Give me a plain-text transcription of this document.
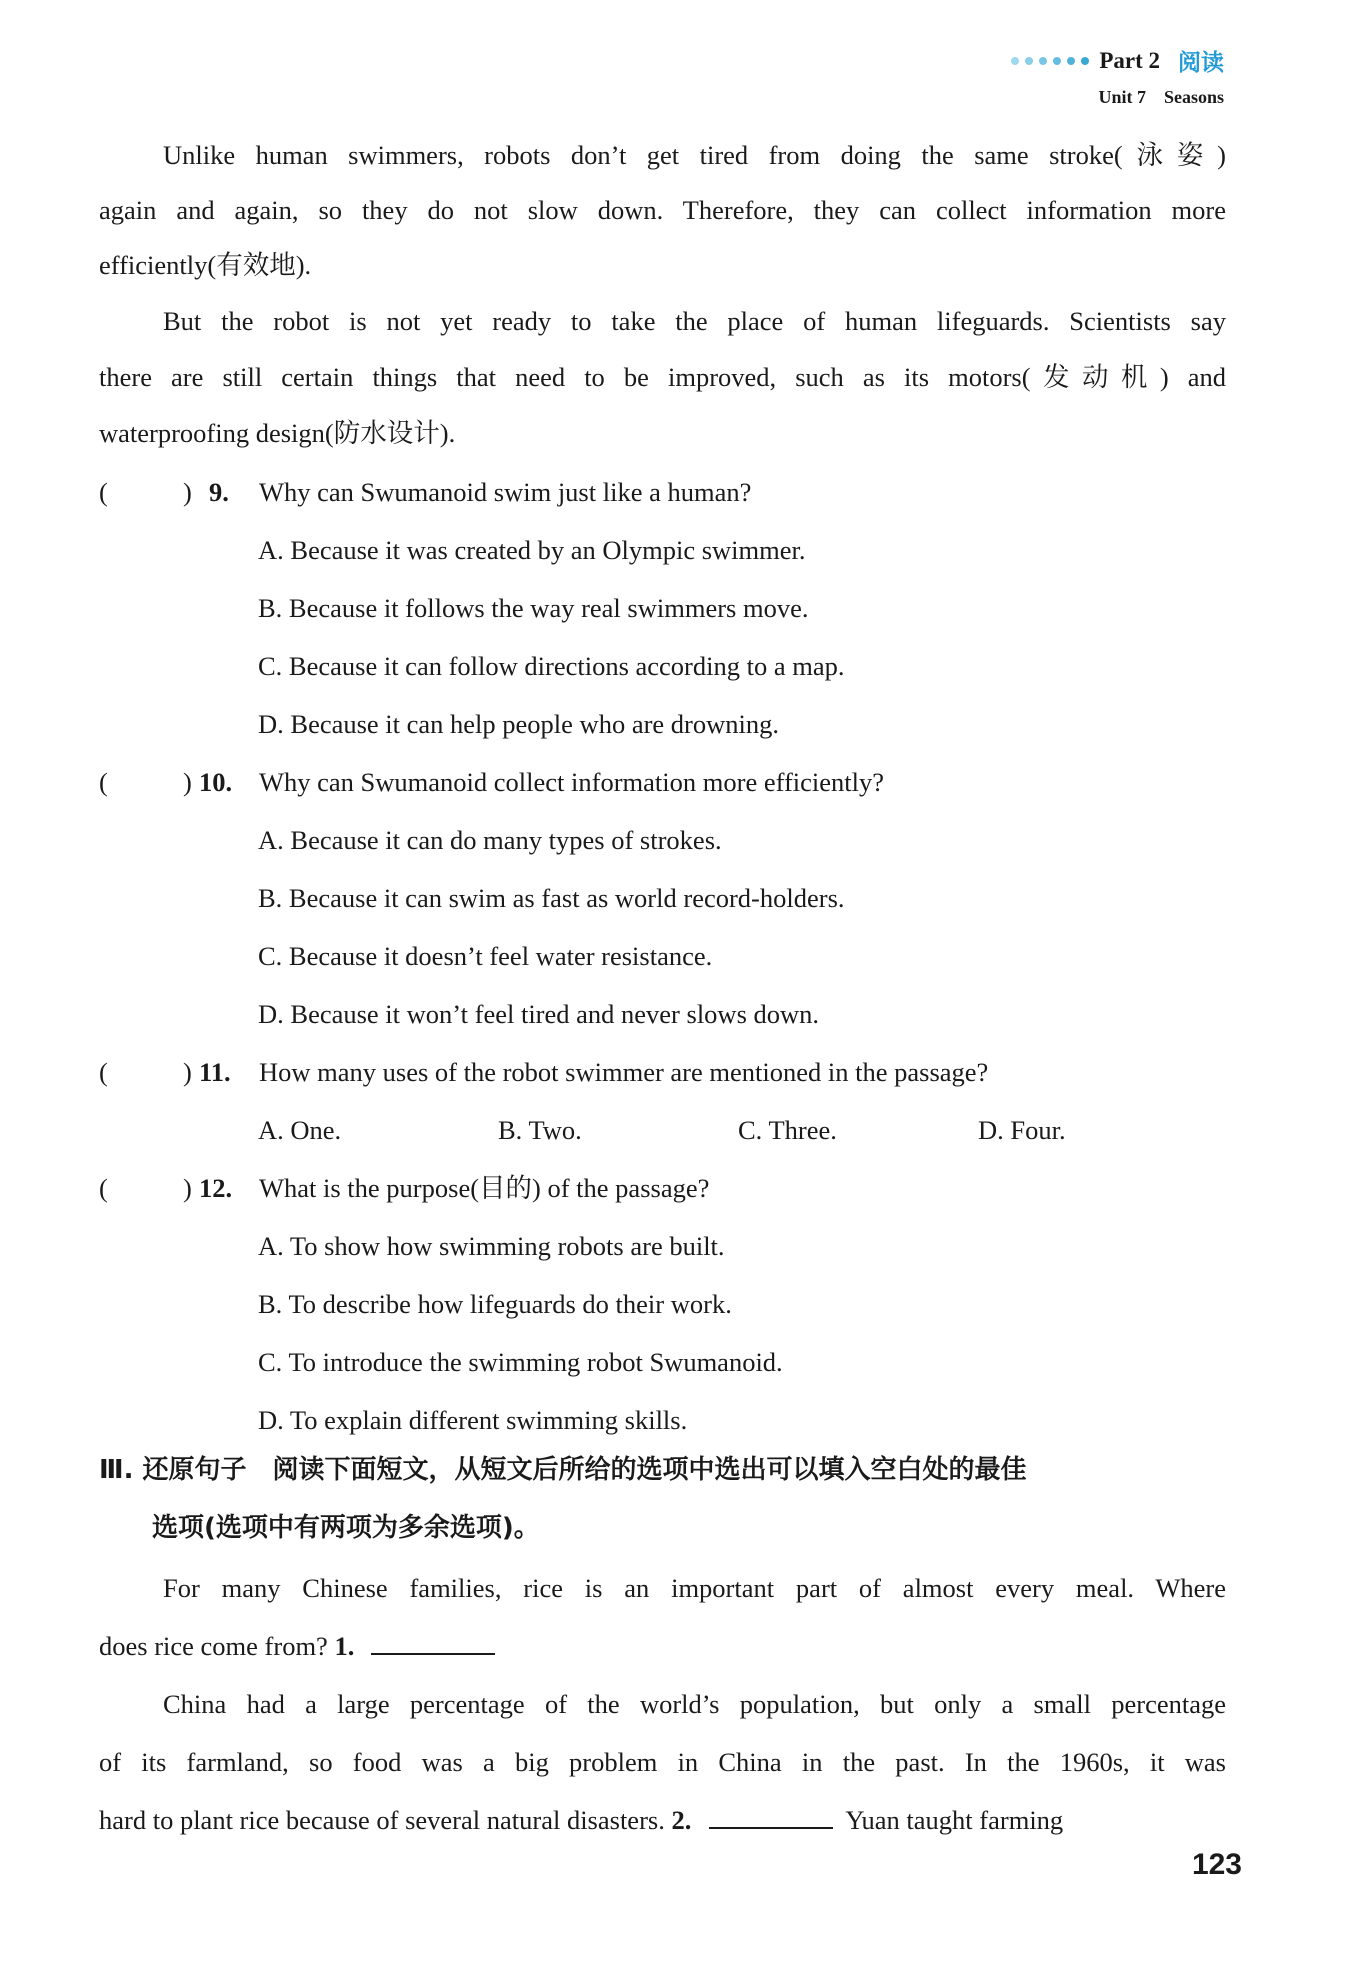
Part 2 阅读
Unit 7 Seasons
Unlike human swimmers, robots don’t get tired from doing the same stroke(泳姿)
again and again, so they do not slow down. Therefore, they can collect information more
efficiently(有效地).
But the robot is not yet ready to take the place of human lifeguards. Scientists say
there are still certain things that need to be improved, such as its motors(发动机) and
waterproofing design(防水设计).
(	) 9. Why can Swumanoid swim just like a human?
A. Because it was created by an Olympic swimmer.
B. Because it follows the way real swimmers move.
C. Because it can follow directions according to a map.
D. Because it can help people who are drowning.
(	) 10. Why can Swumanoid collect information more efficiently?
A. Because it can do many types of strokes.
B. Because it can swim as fast as world record-holders.
C. Because it doesn’t feel water resistance.
D. Because it won’t feel tired and never slows down.
(	) 11. How many uses of the robot swimmer are mentioned in the passage?
A. One.	B. Two.	C. Three.	D. Four.
(	) 12. What is the purpose(目的) of the passage?
A. To show how swimming robots are built.
B. To describe how lifeguards do their work.
C. To introduce the swimming robot Swumanoid.
D. To explain different swimming skills.
Ⅲ. 还原句子　阅读下面短文，从短文后所给的选项中选出可以填入空白处的最佳
选项(选项中有两项为多余选项)。
For many Chinese families, rice is an important part of almost every meal. Where
does rice come from? 1.
China had a large percentage of the world’s population, but only a small percentage
of its farmland, so food was a big problem in China in the past. In the 1960s, it was
hard to plant rice because of several natural disasters. 2.	Yuan taught farming
123
